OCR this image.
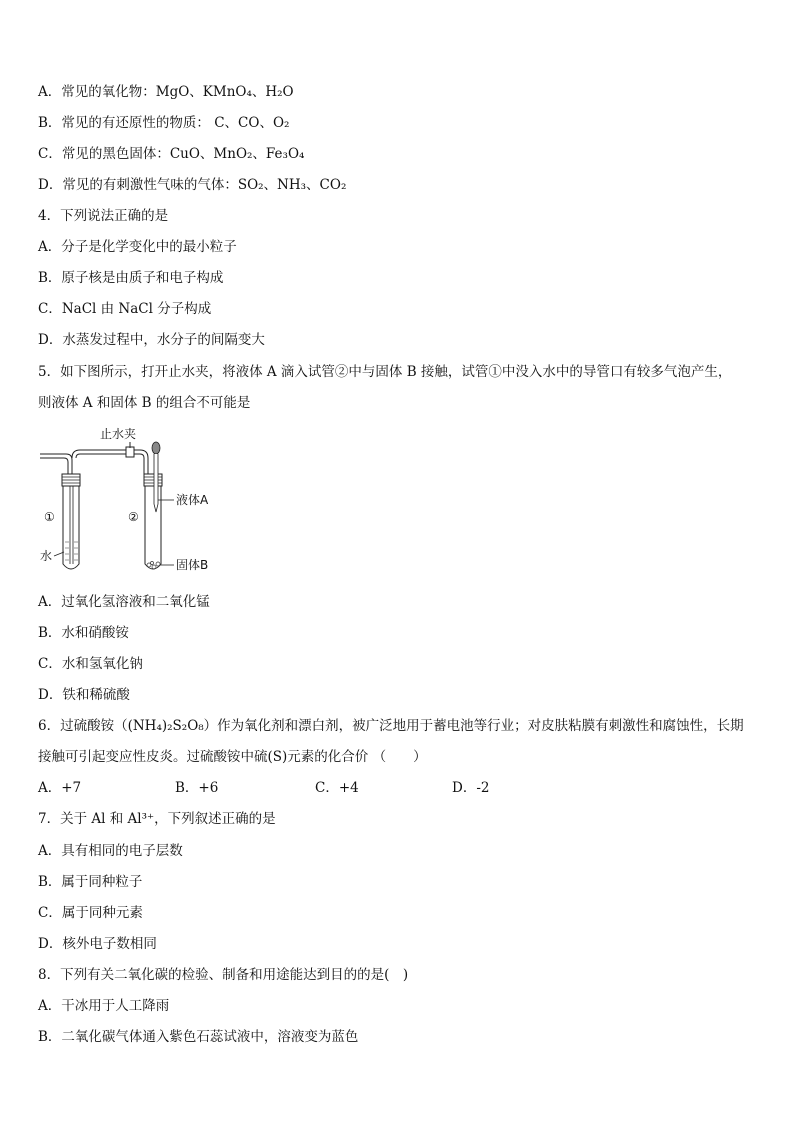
A．常见的氧化物：MgO、KMnO₄、H₂O
B．常见的有还原性的物质： C、CO、O₂
C．常见的黑色固体：CuO、MnO₂、Fe₃O₄
D．常见的有刺激性气味的气体：SO₂、NH₃、CO₂
4．下列说法正确的是
A．分子是化学变化中的最小粒子
B．原子核是由质子和电子构成
C．NaCl 由 NaCl 分子构成
D．水蒸发过程中，水分子的间隔变大
5．如下图所示，打开止水夹，将液体 A 滴入试管②中与固体 B 接触，试管①中没入水中的导管口有较多气泡产生，
则液体 A 和固体 B 的组合不可能是
止水夹
①
水
②
液体A
固体B
A．过氧化氢溶液和二氧化锰
B．水和硝酸铵
C．水和氢氧化钠
D．铁和稀硫酸
6．过硫酸铵（(NH₄)₂S₂O₈）作为氧化剂和漂白剂，被广泛地用于蓄电池等行业；对皮肤粘膜有刺激性和腐蚀性，长期
接触可引起变应性皮炎。过硫酸铵中硫(S)元素的化合价 （　　）
A．+7	B．+6	C．+4	D．-2
7．关于 Al 和 Al³⁺，下列叙述正确的是
A．具有相同的电子层数
B．属于同种粒子
C．属于同种元素
D．核外电子数相同
8．下列有关二氧化碳的检验、制备和用途能达到目的的是(　)
A．干冰用于人工降雨
B．二氧化碳气体通入紫色石蕊试液中，溶液变为蓝色
